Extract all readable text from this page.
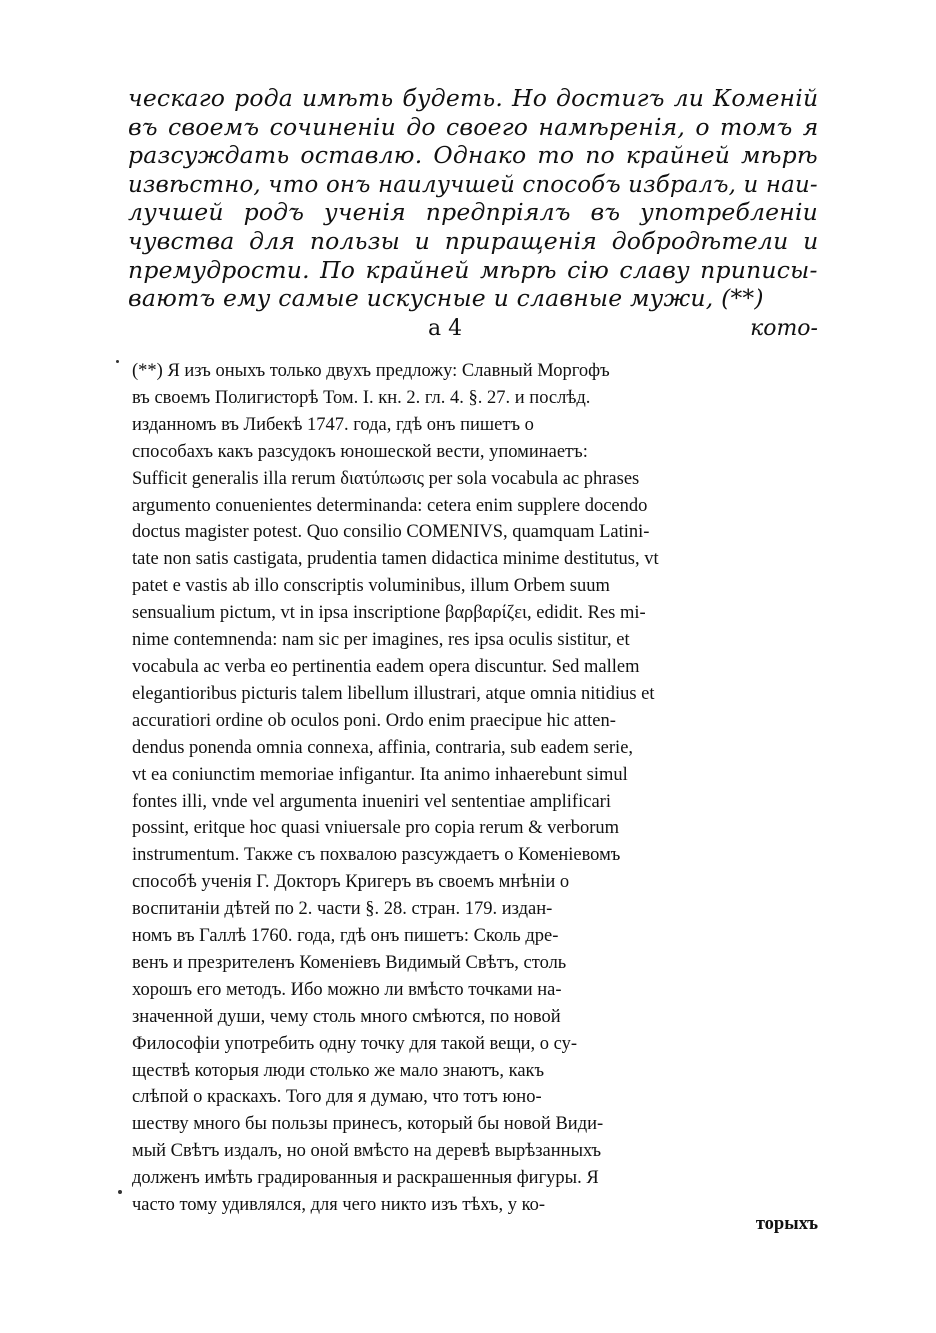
ческаго рода имѣть будеть. Но достигъ ли Коменій
въ своемъ сочиненіи до своего намѣренія, о томъ я
разсуждать оставлю. Однако то по крайней мѣрѣ
извѣстно, что онъ наилучшей способъ избралъ, и наи-
лучшей родъ ученія предпріялъ въ употребленіи
чувства для пользы и приращенія добродѣтели и
премудрости. По крайней мѣрѣ сію славу приписы-
ваютъ ему самые искусные и славные мужи, (**)
а 4	кото-
(**) Я изъ оныхъ только двухъ предложу: Славный Моргофъ
въ своемъ Полигисторѣ Том. I. кн. 2. гл. 4. §. 27. и послѣд.
изданномъ въ Либекѣ 1747. года, гдѣ онъ пишетъ о
способахъ какъ разсудокъ юношеской вести, упоминаетъ:
Sufficit generalis illa rerum διατύπωσις per sola vocabula ac phrases
argumento conuenientes determinanda: cetera enim supplere docendo
doctus magister potest. Quo consilio COMENIVS, quamquam Latini-
tate non satis castigata, prudentia tamen didactica minime destitutus, vt
patet e vastis ab illo conscriptis voluminibus, illum Orbem suum
sensualium pictum, vt in ipsa inscriptione βαρβαρίζει, edidit. Res mi-
nime contemnenda: nam sic per imagines, res ipsa oculis sistitur, et
vocabula ac verba eo pertinentia eadem opera discuntur. Sed mallem
elegantioribus picturis talem libellum illustrari, atque omnia nitidius et
accuratiori ordine ob oculos poni. Ordo enim praecipue hic atten-
dendus ponenda omnia connexa, affinia, contraria, sub eadem serie,
vt ea coniunctim memoriae infigantur. Ita animo inhaerebunt simul
fontes illi, vnde vel argumenta inueniri vel sententiae amplificari
possint, eritque hoc quasi vniuersale pro copia rerum & verborum
instrumentum. Также съ похвалою разсуждаетъ о Коменіевомъ
способѣ ученія Г. Докторъ Кригеръ въ своемъ мнѣніи о
воспитаніи дѣтей по 2. части §. 28. стран. 179. издан-
номъ въ Галлѣ 1760. года, гдѣ онъ пишетъ: Сколь дре-
венъ и презрителенъ Коменіевъ Видимый Свѣтъ, столь
хорошъ его методъ. Ибо можно ли вмѣсто точками на-
значенной души, чему столь много смѣются, по новой
Философіи употребить одну точку для такой вещи, о су-
ществѣ которыя люди столько же мало знаютъ, какъ
слѣпой о краскахъ. Того для я думаю, что тотъ юно-
шеству много бы пользы принесъ, который бы новой Види-
мый Свѣтъ издалъ, но оной вмѣсто на деревѣ вырѣзанныхъ
долженъ имѣть градированныя и раскрашенныя фигуры. Я
часто тому удивлялся, для чего никто изъ тѣхъ, у ко-
торыхъ
